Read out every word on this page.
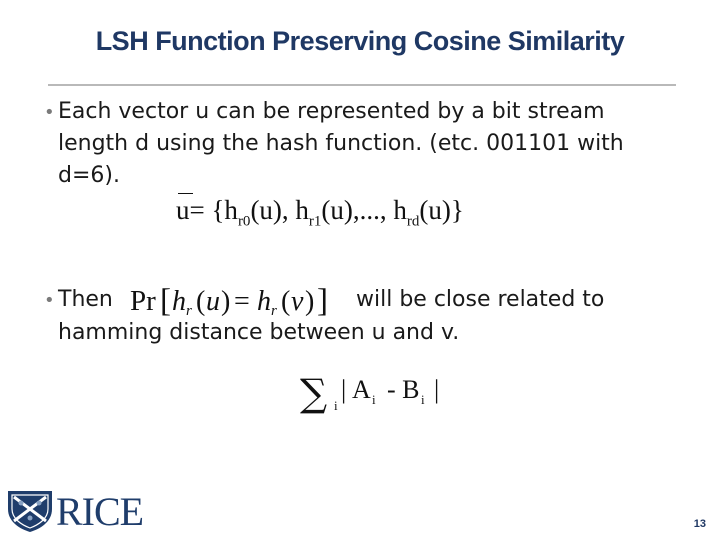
LSH Function Preserving Cosine Similarity
• Each vector u can be represented by a bit stream
length d using the hash function. (etc. 001101 with
d=6).
$u= \{h_{r0}(u)$, $h_{r1}(u)$,..., $h_{rd}(u)$}
• Then	will be close related to
hamming distance between u and v.
Pr [ h r ( u ) = h r ( v ) ]
∑ i
| A i - B i |
RICE	13
